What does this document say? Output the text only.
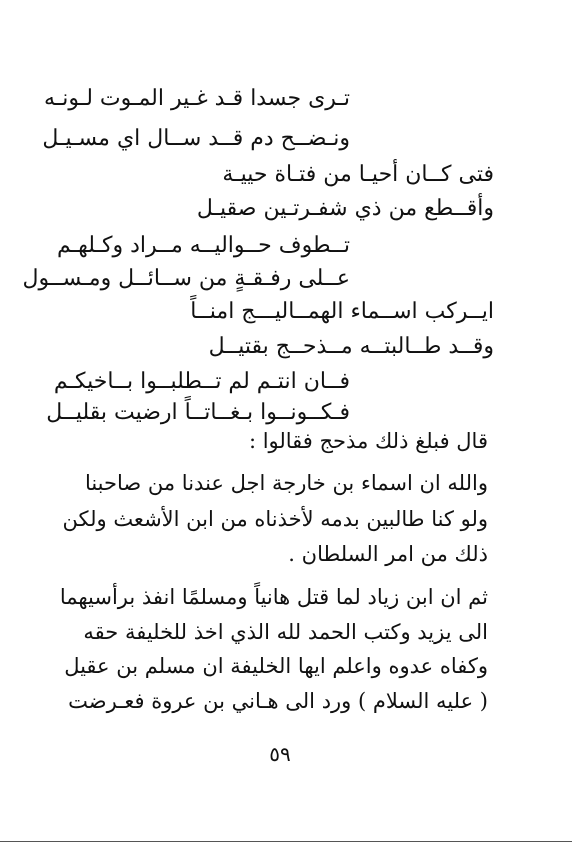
تـرى جسدا قـد غـير المـوت لـونـه
ونـضــح دم قــد ســال اي مسـيـل
فتى كــان أحيـا من فتـاة حييـة
وأقــطع من ذي شفـرتـين صقيـل
تــطوف حــواليــه مــراد وكـلهـم
عــلى رفـقـةٍ من ســائــل ومـســول
ايــركب اســماء الهمــاليـــج امنــاً
وقــد طــالبتــه مــذحــج بقتيــل
فــان انتـم لم تــطلبــوا بــاخيكـم
فـكــونــوا بـغــاتــاً ارضيت بقليــل
قال فبلغ ذلك مذحج فقالوا :
والله ان اسماء بن خارجة اجل عندنا من صاحبنا
ولو كنا طالبين بدمه لأخذناه من ابن الأشعث ولكن
ذلك من امر السلطان .
ثم ان ابن زياد لما قتل هانياً ومسلمًا انفذ برأسيهما
الى يزيد وكتب الحمد لله الذي اخذ للخليفة حقه
وكفاه عدوه واعلم ايها الخليفة ان مسلم بن عقيل
( عليه السلام ) ورد الى هـاني بن عروة فعـرضت
٥٩
